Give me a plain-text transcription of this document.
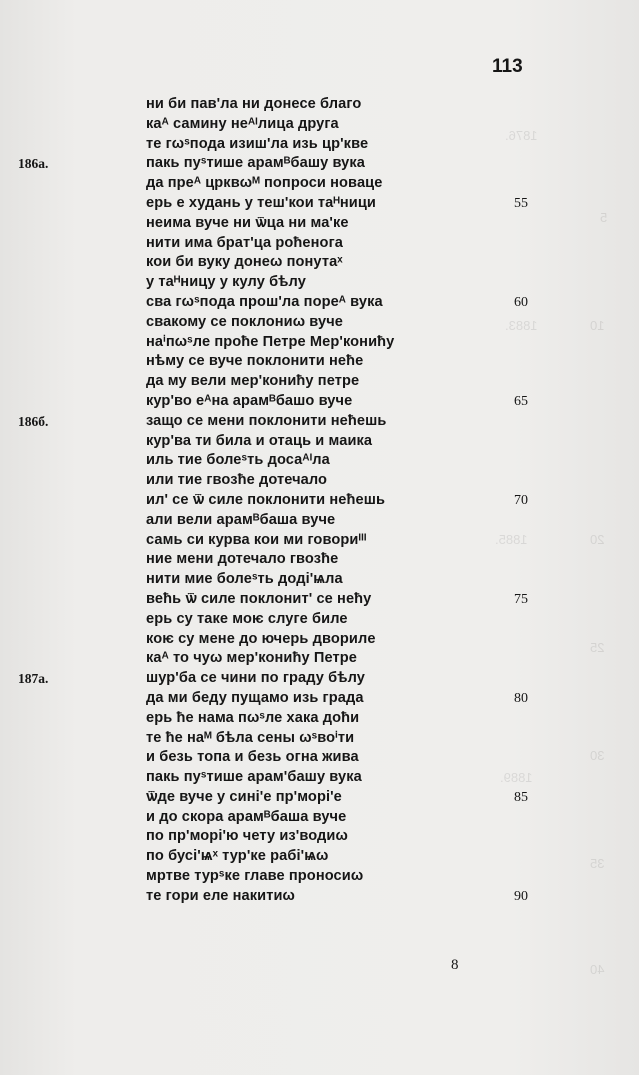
1876.
5
10
1883.
1885.	20
25
30
1889.
35
40
113
ни би пав'ла ни донесе благо
каᴬ самину неᴬᴵлица друга
те гωˢпода изиш'ла изь цр'кве
пакь пуˢтише арамᴮбашу вука
да преᴬ црквωᴹ попроси новаце
ерь е худань у теш'кои таᴴници
неима вуче ни ѿца ни ма'ке
нити има брат'ца роћенога
кои би вуку донеω понутаˣ
у таᴴницу у кулу бѣлу
сва гωˢпода прош'ла пореᴬ вука
свакому се поклониω вуче
наⁱпωˢле проће Петре Мер'конићу
нѣму се вуче поклонити неће
да му вели мер'конићу петре
кур'во еᴬна арамᴮбашо вуче
защо се мени поклонити нећешь
кур'ва ти била и отаць и маика
иль тие болеˢть досаᴬᴵла
или тие гвозће дотечало
ил' се ѿ силе поклонити нећешь
али вели арамᴮбаша вуче
самь си курва кои ми говориᴵᴵᴵ
ние мени дотечало гвозће
нити мие болеˢть доді'ѩла
већь ѿ силе поклонит' се нећу
ерь су таке моѥ слуге биле
коѥ су мене до ючерь дворилe
каᴬ то чуω мер'конићу Петре
шур'ба се чини по граду бѣлу
да ми беду пущамо изь града
ерь ће нама пωˢле хака доћи
те ће наᴹ бѣла сены ωˢвоⁱти
и безь топа и безь огна жива
пакь пуˢтише арам'башу вука
ѿде вуче у сині'е пр'морі'е
и до скора арамᴮбаша вуче
по пр'морі'ю чету из'водиω
по бусі'ѩˣ тур'ке рабі'ѩω
мртве турˢке главе проносиω
те гори еле накитиω
186а.
186б.
187а.
55
60
65
70
75
80
85
90
8
